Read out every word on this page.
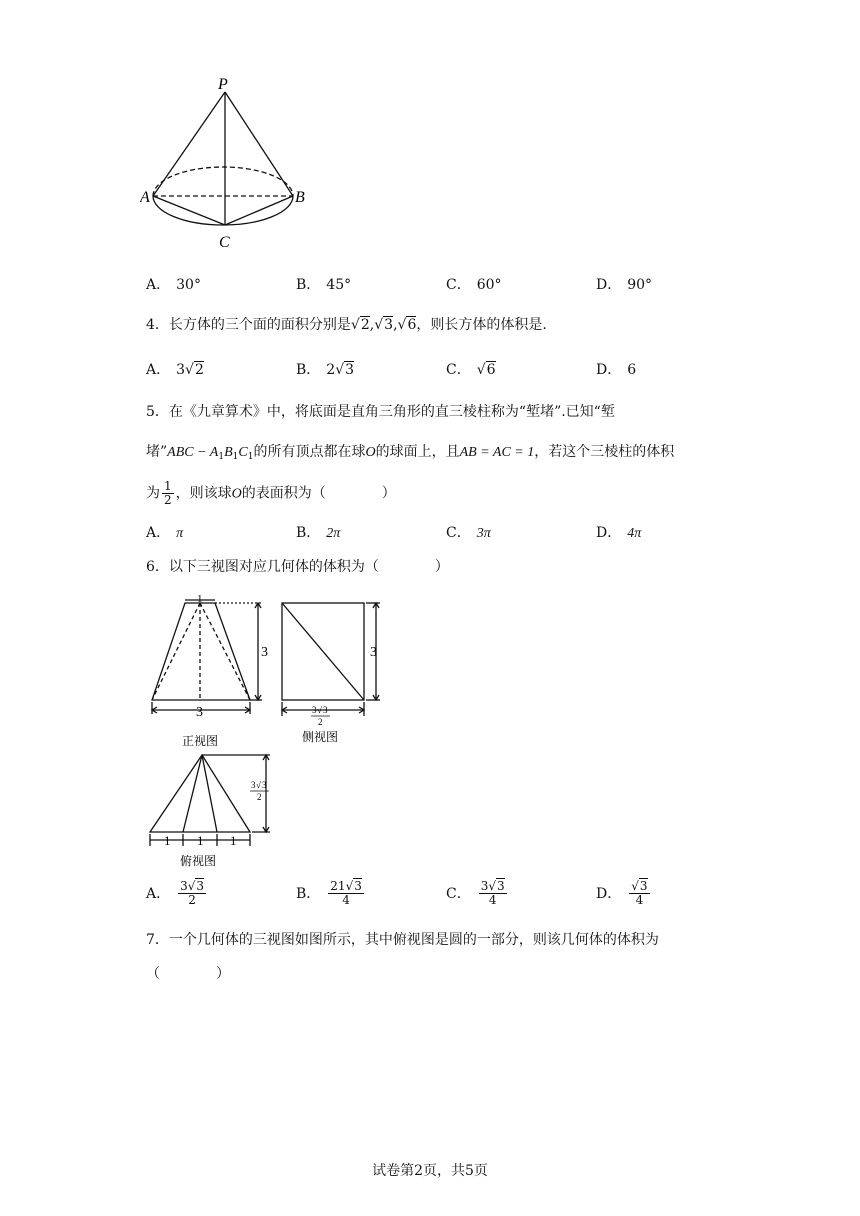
P
A	B
C
A． 30°	B． 45°	C． 60°	D． 90°
4．长方体的三个面的面积分别是 √ 2, √ 3, √ 6，则长方体的体积是.
A． 3 √ 2	B． 2 √ 3	C． √ 6	D． 6
5．在《九章算术》中，将底面是直角三角形的直三棱柱称为“堑堵”.已知“堑
堵”ABC − $A_1B_1C_1$的所有顶点都在球O的球面上，且AB = AC = 1，若这个三棱柱的体积
为 $\frac{1}{2}$ ，则该球O的表面积为（　　　　）
A． π	B． 2π	C． 3π	D． 4π
6．以下三视图对应几何体的体积为（　　　　）
1
3
3
正视图
3
3 √ 3
2
侧视图
1 1 1
3 √ 3
2
俯视图
A． $\frac{3 √ 3}{2}$	B． $\frac{21 √ 3}{4}$	C． $\frac{3 √ 3}{4}$	D． √ $\frac{3}{4}$
7．一个几何体的三视图如图所示，其中俯视图是圆的一部分，则该几何体的体积为
（　　　　）
试卷第2页，共5页
